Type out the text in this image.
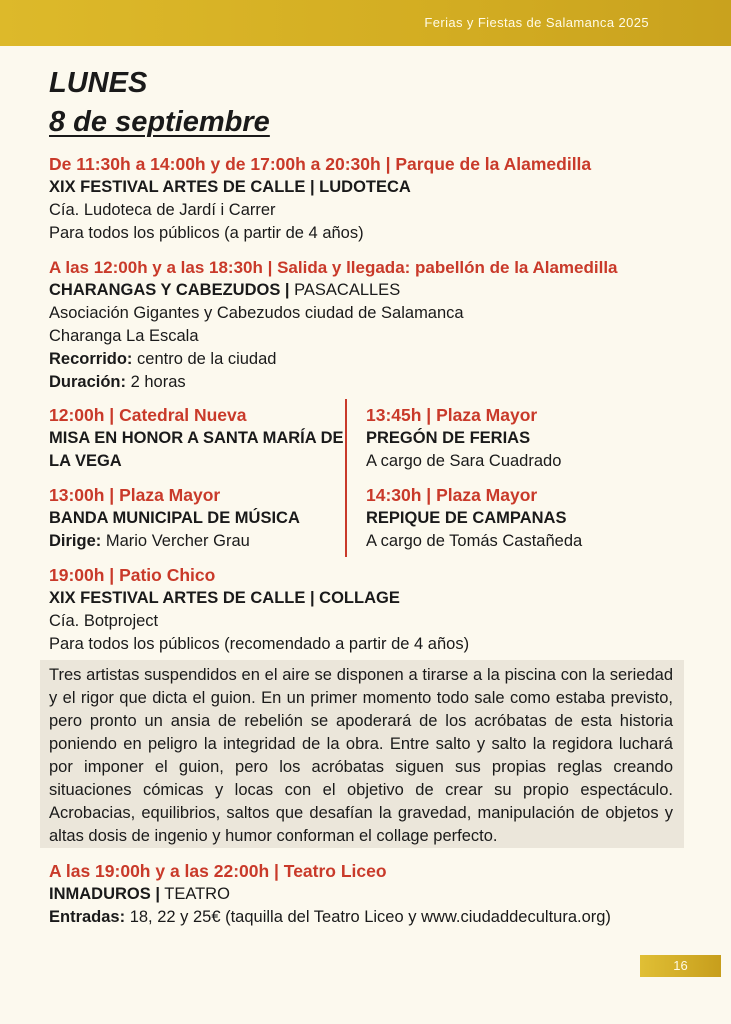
Ferias y Fiestas de Salamanca 2025
LUNES
8 de septiembre
De 11:30h a 14:00h y de 17:00h a 20:30h | Parque de la Alamedilla
XIX FESTIVAL ARTES DE CALLE | LUDOTECA
Cía. Ludoteca de Jardí i Carrer
Para todos los públicos (a partir de 4 años)
A las 12:00h y a las 18:30h | Salida y llegada: pabellón de la Alamedilla
CHARANGAS Y CABEZUDOS | PASACALLES
Asociación Gigantes y Cabezudos ciudad de Salamanca
Charanga La Escala
Recorrido: centro de la ciudad
Duración: 2 horas
12:00h | Catedral Nueva
MISA EN HONOR A SANTA MARÍA DE
LA VEGA
13:45h | Plaza Mayor
PREGÓN DE FERIAS
A cargo de Sara Cuadrado
13:00h | Plaza Mayor
BANDA MUNICIPAL DE MÚSICA
Dirige: Mario Vercher Grau
14:30h | Plaza Mayor
REPIQUE DE CAMPANAS
A cargo de Tomás Castañeda
19:00h | Patio Chico
XIX FESTIVAL ARTES DE CALLE | COLLAGE
Cía. Botproject
Para todos los públicos (recomendado a partir de 4 años)
Tres artistas suspendidos en el aire se disponen a tirarse a la piscina con la seriedad y el rigor que dicta el guion. En un primer momento todo sale como estaba previsto, pero pronto un ansia de rebelión se apoderará de los acróbatas de esta historia poniendo en peligro la integridad de la obra. Entre salto y salto la regidora luchará por imponer el guion, pero los acróbatas siguen sus propias reglas creando situaciones cómicas y locas con el objetivo de crear su propio espectáculo. Acrobacias, equilibrios, saltos que desafían la gravedad, manipulación de objetos y altas dosis de ingenio y humor conforman el collage perfecto.
A las 19:00h y a las 22:00h | Teatro Liceo
INMADUROS | TEATRO
Entradas: 18, 22 y 25€ (taquilla del Teatro Liceo y www.ciudaddecultura.org)
16
